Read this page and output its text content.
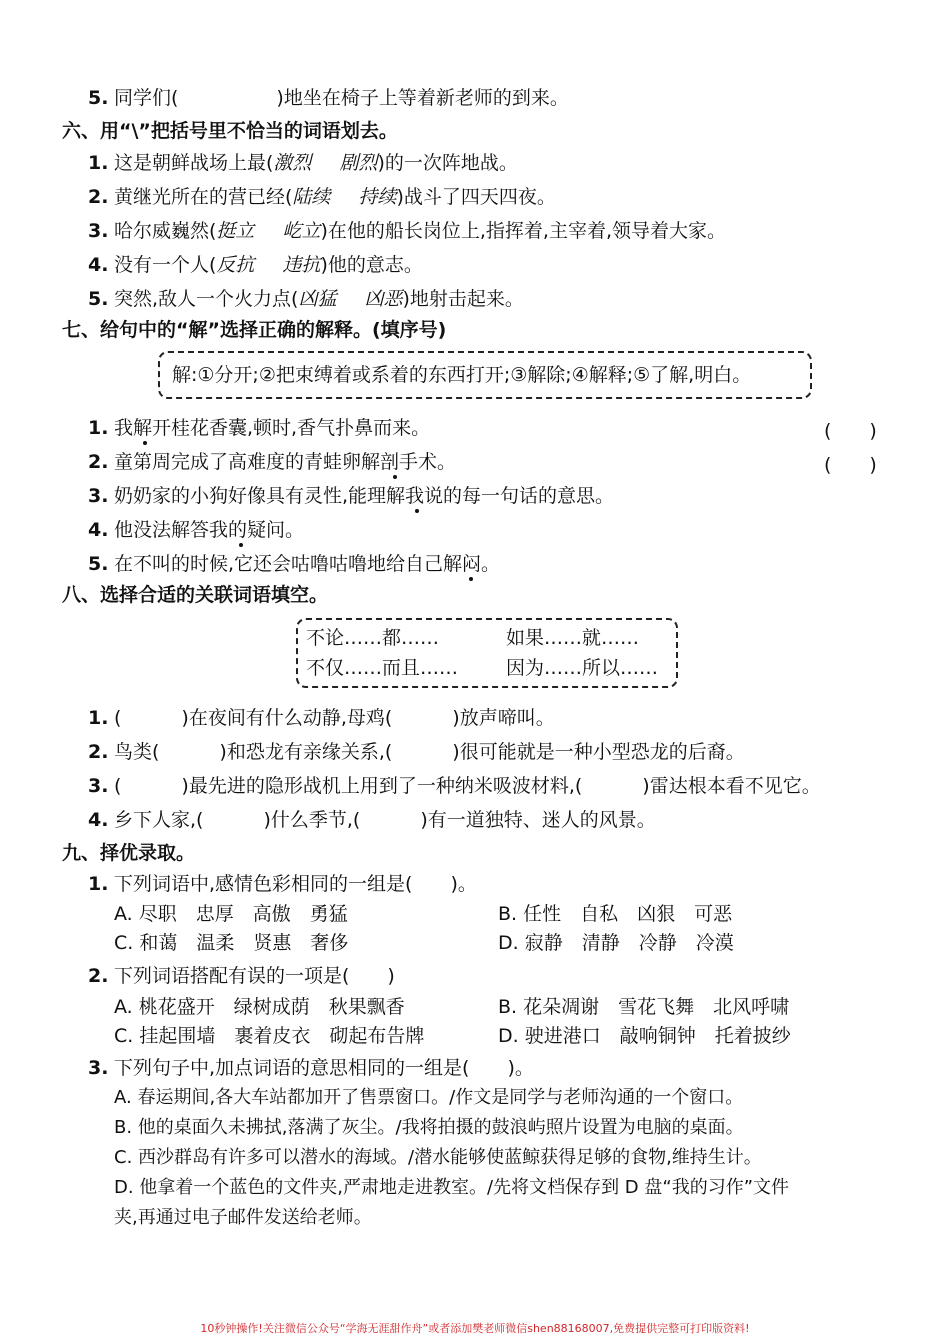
5. 同学们(	)地坐在椅子上等着新老师的到来。
六、用“\”把括号里不恰当的词语划去。
1. 这是朝鲜战场上最(激烈 剧烈)的一次阵地战。
2. 黄继光所在的营已经(陆续 持续)战斗了四天四夜。
3. 哈尔威巍然(挺立 屹立)在他的船长岗位上,指挥着,主宰着,领导着大家。
4. 没有一个人(反抗 违抗)他的意志。
5. 突然,敌人一个火力点(凶猛 凶恶)地射击起来。
七、给句中的“解”选择正确的解释。(填序号)
解:①分开;②把束缚着或系着的东西打开;③解除;④解释;⑤了解,明白。
1. 我解开桂花香囊,顿时,香气扑鼻而来。	(　　)
2. 童第周完成了高难度的青蛙卵解剖手术。	(　　)
3. 奶奶家的小狗好像具有灵性,能理解我说的每一句话的意思。
4. 他没法解答我的疑问。
5. 在不叫的时候,它还会咕噜咕噜地给自己解闷。
八、选择合适的关联词语填空。
不论……都……	如果……就……
不仅……而且……	因为……所以……
1. (	)在夜间有什么动静,母鸡(	)放声啼叫。
2. 鸟类(	)和恐龙有亲缘关系,(	)很可能就是一种小型恐龙的后裔。
3. (	)最先进的隐形战机上用到了一种纳米吸波材料,(	)雷达根本看不见它。
4. 乡下人家,(	)什么季节,(	)有一道独特、迷人的风景。
九、择优录取。
1. 下列词语中,感情色彩相同的一组是(　　)。
A. 尽职　忠厚　高傲　勇猛	B. 任性　自私　凶狠　可恶
C. 和蔼　温柔　贤惠　奢侈	D. 寂静　清静　冷静　冷漠
2. 下列词语搭配有误的一项是(　　)
A. 桃花盛开　绿树成荫　秋果飘香	B. 花朵凋谢　雪花飞舞　北风呼啸
C. 挂起围墙　裹着皮衣　砌起布告牌	D. 驶进港口　敲响铜钟　托着披纱
3. 下列句子中,加点词语的意思相同的一组是(　　)。
A. 春运期间,各大车站都加开了售票窗口。/作文是同学与老师沟通的一个窗口。
B. 他的桌面久未拂拭,落满了灰尘。/我将拍摄的鼓浪屿照片设置为电脑的桌面。
C. 西沙群岛有许多可以潜水的海域。/潜水能够使蓝鲸获得足够的食物,维持生计。
D. 他拿着一个蓝色的文件夹,严肃地走进教室。/先将文档保存到 D 盘“我的习作”文件
夹,再通过电子邮件发送给老师。
10秒钟操作!关注微信公众号“学海无涯甜作舟”或者添加樊老师微信shen88168007,免费提供完整可打印版资料!
